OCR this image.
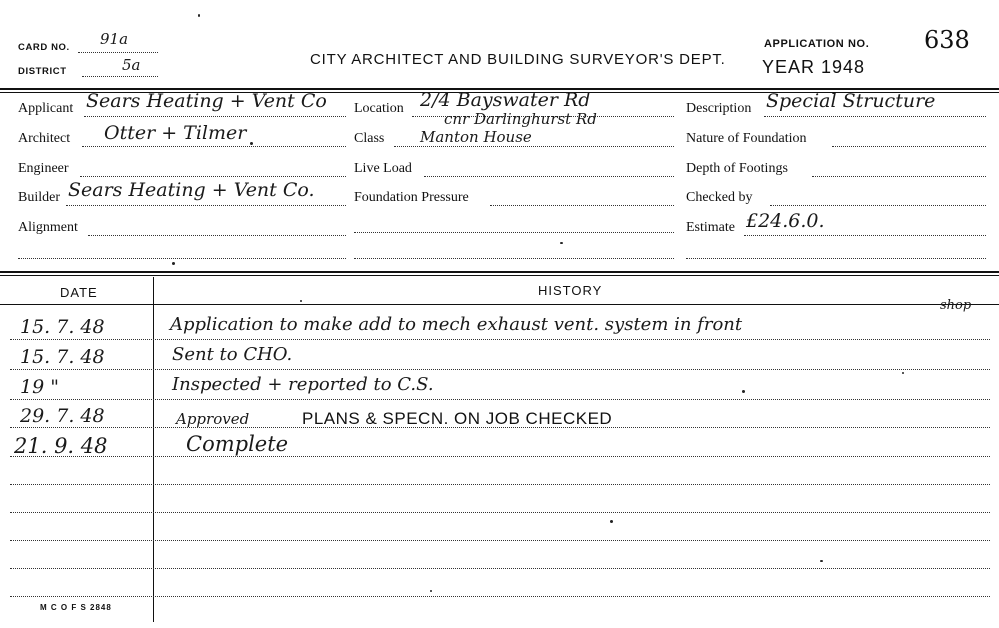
CARD NO. 91a
DISTRICT	5a	CITY ARCHITECT AND BUILDING SURVEYOR'S DEPT.
APPLICATION NO. 638
YEAR 1948
Applicant Sears Heating + Vent Co
Architect Otter + Tilmer
Engineer
Builder Sears Heating + Vent Co.
Alignment
Location 2/4 Bayswater Rd
cnr Darlinghurst Rd
Class Manton House
Live Load
Foundation Pressure
Description Special Structure
Nature of Foundation
Depth of Footings
Checked by
Estimate £24.6.0.
DATE	HISTORY
15. 7. 48	Application to make add to mech exhaust vent. system in front
shop
15. 7. 48	Sent to CHO.
19 "	Inspected + reported to C.S.
29. 7. 48	Approved	PLANS & SPECN. ON JOB CHECKED
21. 9. 48	Complete
M C O F S 2848
